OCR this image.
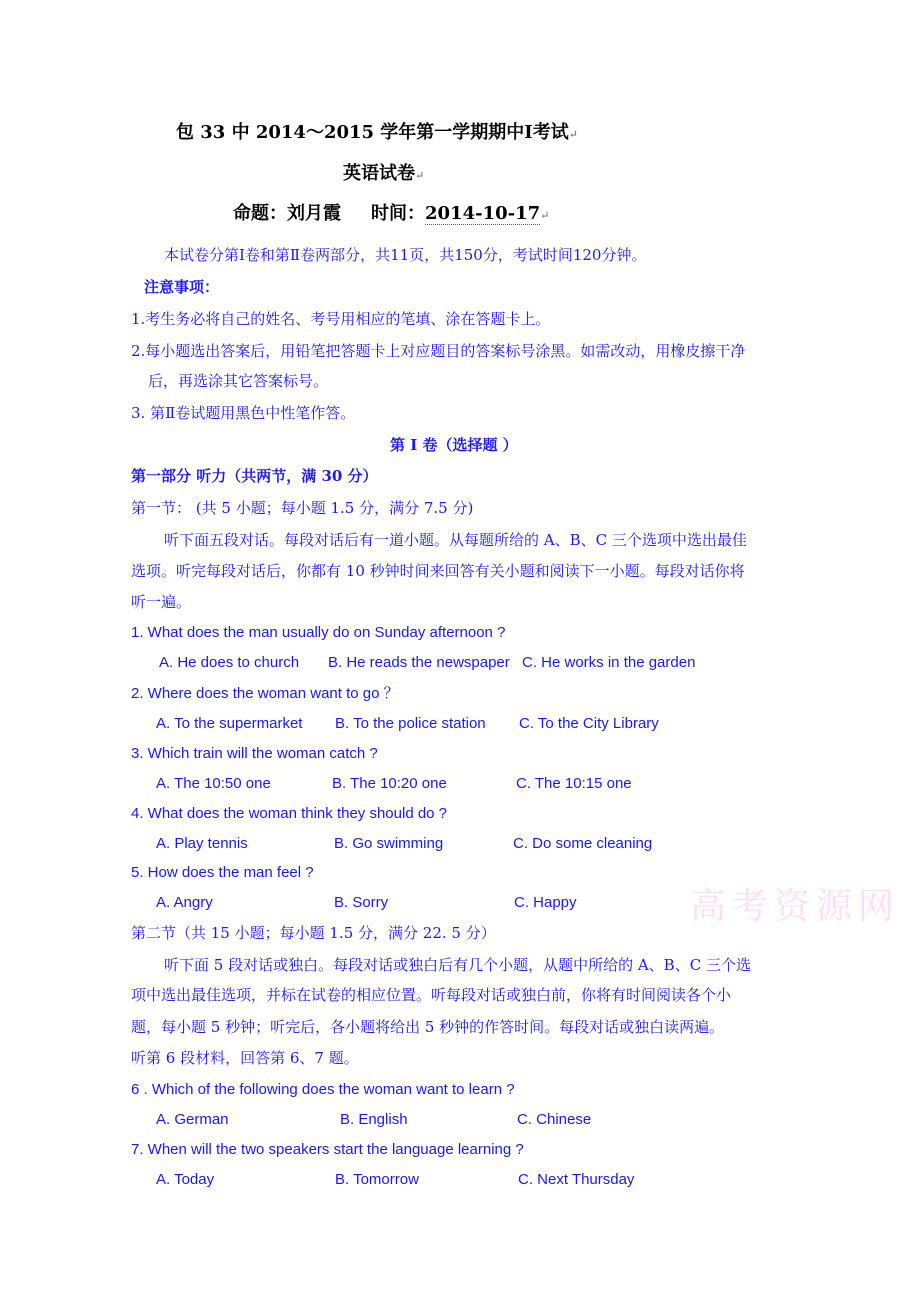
包 33 中 2014～2015 学年第一学期期中Ⅰ考试↵
英语试卷↵
命题：刘月霞 时间：2014-10-17↵
本试卷分第Ⅰ卷和第Ⅱ卷两部分，共11页，共150分，考试时间120分钟。
注意事项：
1.考生务必将自己的姓名、考号用相应的笔填、涂在答题卡上。
2.每小题选出答案后，用铅笔把答题卡上对应题目的答案标号涂黑。如需改动，用橡皮擦干净
后，再选涂其它答案标号。
3. 第Ⅱ卷试题用黑色中性笔作答。
第 Ⅰ 卷（选择题 ）
第一部分 听力（共两节，满 30 分）
第一节： (共 5 小题；每小题 1.5 分，满分 7.5 分)
听下面五段对话。每段对话后有一道小题。从每题所给的 A、B、C 三个选项中选出最佳
选项。听完每段对话后，你都有 10 秒钟时间来回答有关小题和阅读下一小题。每段对话你将
听一遍。
1. What does the man usually do on Sunday afternoon ?
A. He does to church B. He reads the newspaper C. He works in the garden
2. Where does the woman want to go ？
A. To the supermarket B. To the police station C. To the City Library
3. Which train will the woman catch ?
A. The 10:50 one	B. The 10:20 one	C. The 10:15 one
4. What does the woman think they should do ?
A. Play tennis	B. Go swimming	C. Do some cleaning
5. How does the man feel ?
A. Angry	B. Sorry	C. Happy
第二节（共 15 小题；每小题 1.5 分，满分 22. 5 分）
听下面 5 段对话或独白。每段对话或独白后有几个小题，从题中所给的 A、B、C 三个选
项中选出最佳选项，并标在试卷的相应位置。听每段对话或独白前，你将有时间阅读各个小
题，每小题 5 秒钟；听完后，各小题将给出 5 秒钟的作答时间。每段对话或独白读两遍。
听第 6 段材料，回答第 6、7 题。
6 . Which of the following does the woman want to learn ?
A. German	B. English	C. Chinese
7. When will the two speakers start the language learning ?
A. Today	B. Tomorrow	C. Next Thursday
高考资源网
